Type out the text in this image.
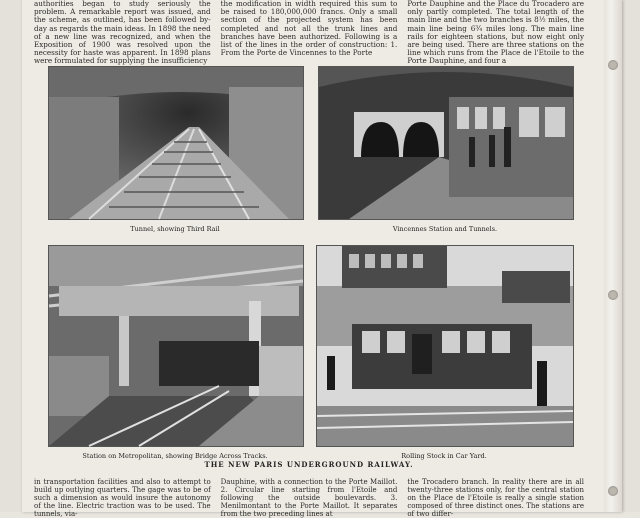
authorities began to study seriously the problem. A remarkable report was issued, and the scheme, as outlined, has been followed by-day as regards the main ideas. In 1898 the need of a new line was recognized, and when the Exposition of 1900 was resolved upon the necessity for haste was apparent. In 1898 plans were formulated for supplying the insufficiency
the modification in width required this sum to be raised to 180,000,000 francs. Only a small section of the projected system has been completed and not all the trunk lines and branches have been authorized. Following is a list of the lines in the order of construction: 1. From the Porte de Vincennes to the Porte
Porte Dauphine and the Place du Trocadero are only partly completed. The total length of the main line and the two branches is 8½ miles, the main line being 6¾ miles long. The main line rails for eighteen stations, but now eight only are being used. There are three stations on the line which runs from the Place de l'Etoile to the Porte Dauphine, and four a
Tunnel, showing Third Rail	Vincennes Station and Tunnels.
Station on Metropolitan, showing Bridge Across Tracks.	Rolling Stock in Car Yard.
THE NEW PARIS UNDERGROUND RAILWAY.
in transportation facilities and also to attempt to build up outlying quarters. The gage was to be of such a dimension as would insure the autonomy of the line. Electric traction was to be used. The tunnels, via-
Dauphine, with a connection to the Porte Maillot. 2. Circular line starting from l'Etoile and following the outside boulevards. 3. Menilmontant to the Porte Maillot. It separates from the two preceding lines at
the Trocadero branch. In reality there are in all twenty-three stations only, for the central station on the Place de l'Etoile is really a single station composed of three distinct ones. The stations are of two differ-
